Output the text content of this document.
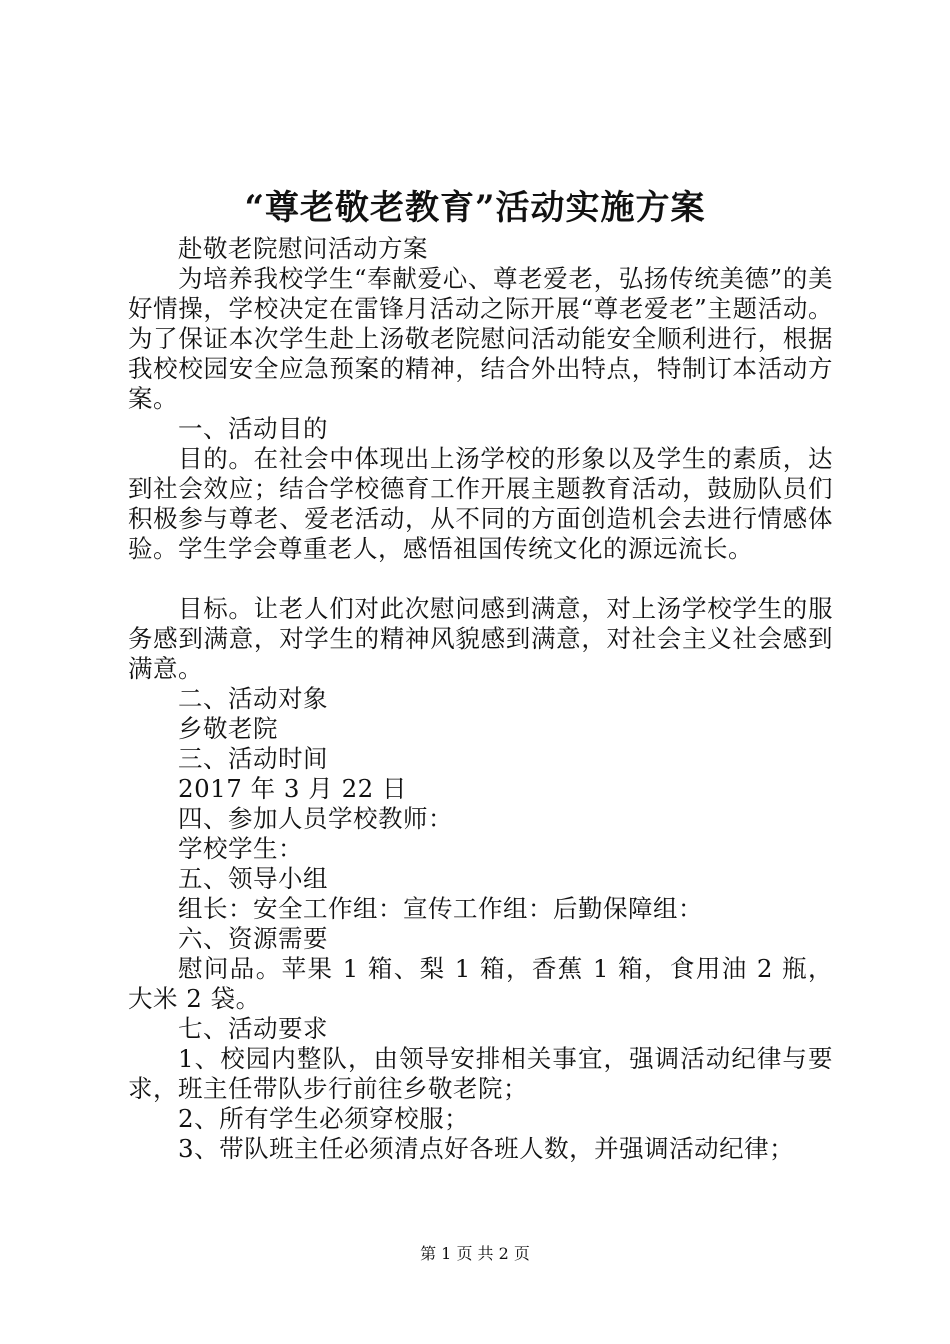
“尊老敬老教育”活动实施方案

赴敬老院慰问活动方案

为培养我校学生“奉献爱心、尊老爱老，弘扬传统美德”的美好情操，学校决定在雷锋月活动之际开展“尊老爱老”主题活动。为了保证本次学生赴上汤敬老院慰问活动能安全顺利进行，根据我校校园安全应急预案的精神，结合外出特点，特制订本活动方案。

一、活动目的

目的。在社会中体现出上汤学校的形象以及学生的素质，达到社会效应；结合学校德育工作开展主题教育活动，鼓励队员们积极参与尊老、爱老活动，从不同的方面创造机会去进行情感体验。学生学会尊重老人，感悟祖国传统文化的源远流长。

目标。让老人们对此次慰问感到满意，对上汤学校学生的服务感到满意，对学生的精神风貌感到满意，对社会主义社会感到满意。

二、活动对象

乡敬老院

三、活动时间

2017 年 3 月 22 日

四、参加人员学校教师：

学校学生：

五、领导小组

组长：安全工作组：宣传工作组：后勤保障组：

六、资源需要

慰问品。苹果 1 箱、梨 1 箱，香蕉 1 箱，食用油 2 瓶，大米 2 袋。

七、活动要求

1、校园内整队，由领导安排相关事宜，强调活动纪律与要求，班主任带队步行前往乡敬老院；

2、所有学生必须穿校服；

3、带队班主任必须清点好各班人数，并强调活动纪律；

第 1 页 共 2 页
